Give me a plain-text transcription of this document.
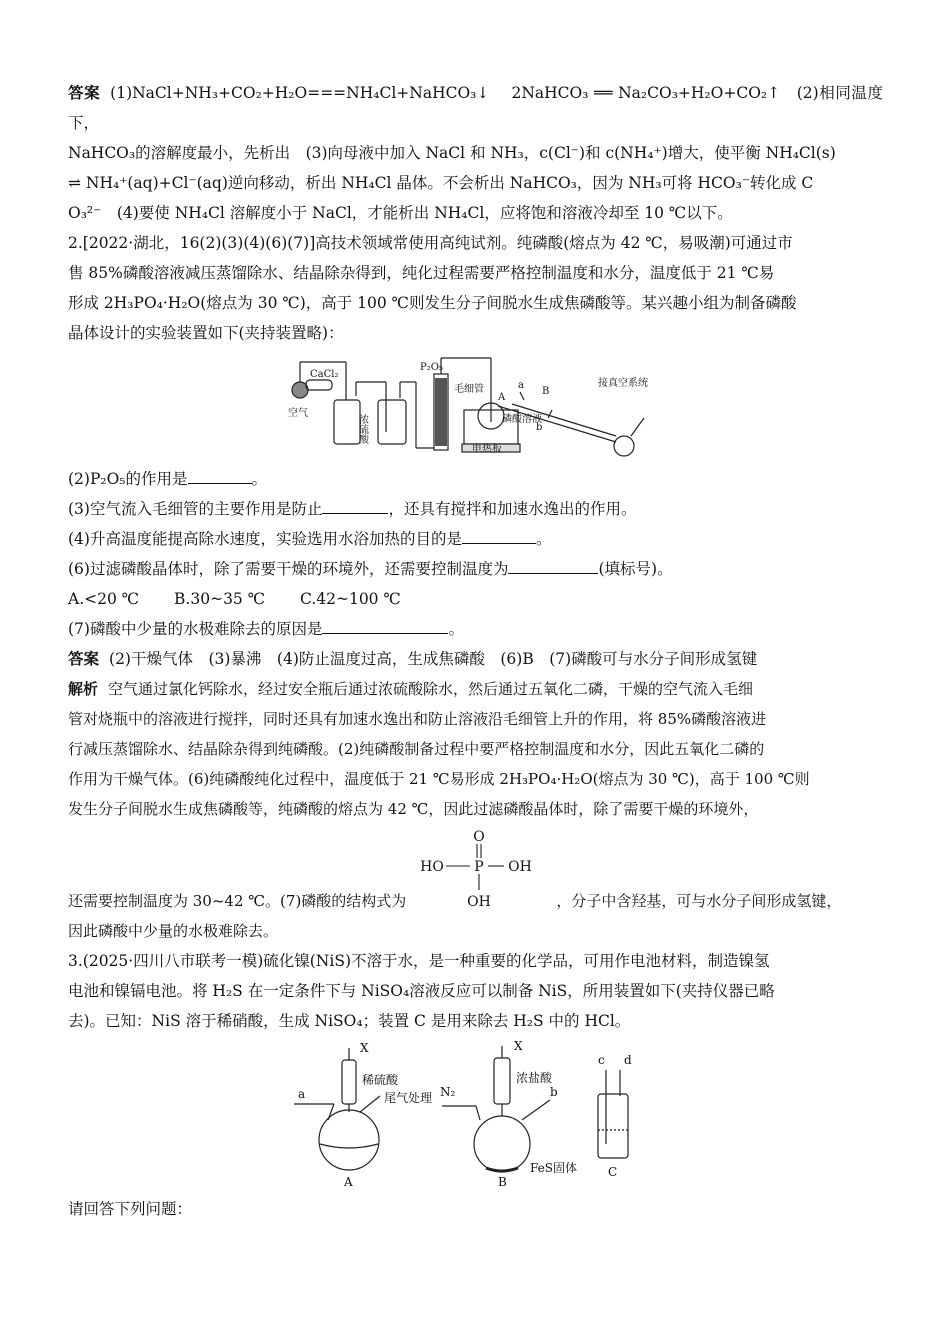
答案 (1)NaCl+NH₃+CO₂+H₂O===NH₄Cl+NaHCO₃↓　 2NaHCO₃ ══ Na₂CO₃+H₂O+CO₂↑　(2)相同温度下，

NaHCO₃的溶解度最小，先析出　(3)向母液中加入 NaCl 和 NH₃，c(Cl⁻)和 c(NH₄⁺)增大，使平衡 NH₄Cl(s)

⇌ NH₄⁺(aq)+Cl⁻(aq)逆向移动，析出 NH₄Cl 晶体。不会析出 NaHCO₃，因为 NH₃可将 HCO₃⁻转化成 C

O₃²⁻　(4)要使 NH₄Cl 溶解度小于 NaCl，才能析出 NH₄Cl，应将饱和溶液冷却至 10 ℃以下。

2.[2022·湖北，16(2)(3)(4)(6)(7)]高技术领域常使用高纯试剂。纯磷酸(熔点为 42 ℃，易吸潮)可通过市

售 85%磷酸溶液减压蒸馏除水、结晶除杂得到，纯化过程需要严格控制温度和水分，温度低于 21 ℃易

形成 2H₃PO₄·H₂O(熔点为 30 ℃)，高于 100 ℃则发生分子间脱水生成焦磷酸等。某兴趣小组为制备磷酸

晶体设计的实验装置如下(夹持装置略)：

CaCl₂
空气
浓硫酸
P₂O₅
毛细管
A
磷酸溶液
电热板
a
B
b
接真空系统

(2)P₂O₅的作用是	。

(3)空气流入毛细管的主要作用是防止	，还具有搅拌和加速水逸出的作用。

(4)升高温度能提高除水速度，实验选用水浴加热的目的是	。

(6)过滤磷酸晶体时，除了需要干燥的环境外，还需要控制温度为	(填标号)。

A.<20 ℃ B.30~35 ℃ C.42~100 ℃

(7)磷酸中少量的水极难除去的原因是	。

答案 (2)干燥气体　(3)暴沸　(4)防止温度过高，生成焦磷酸　(6)B　(7)磷酸可与水分子间形成氢键

解析 空气通过氯化钙除水，经过安全瓶后通过浓硫酸除水，然后通过五氧化二磷，干燥的空气流入毛细

管对烧瓶中的溶液进行搅拌，同时还具有加速水逸出和防止溶液沿毛细管上升的作用，将 85%磷酸溶液进

行减压蒸馏除水、结晶除杂得到纯磷酸。(2)纯磷酸制备过程中要严格控制温度和水分，因此五氧化二磷的

作用为干燥气体。(6)纯磷酸纯化过程中，温度低于 21 ℃易形成 2H₃PO₄·H₂O(熔点为 30 ℃)，高于 100 ℃则

发生分子间脱水生成焦磷酸等，纯磷酸的熔点为 42 ℃，因此过滤磷酸晶体时，除了需要干燥的环境外，

还需要控制温度为 30~42 ℃。(7)磷酸的结构式为
O
HO P OH
OH	，分子中含羟基，可与水分子间形成氢键，

因此磷酸中少量的水极难除去。

3.(2025·四川八市联考一模)硫化镍(NiS)不溶于水，是一种重要的化学品，可用作电池材料，制造镍氢

电池和镍镉电池。将 H₂S 在一定条件下与 NiSO₄溶液反应可以制备 NiS，所用装置如下(夹持仪器已略

去)。已知：NiS 溶于稀硝酸，生成 NiSO₄；装置 C 是用来除去 H₂S 中的 HCl。

X
稀硫酸
a	尾气处理
A
N₂
X
浓盐酸
b
FeS固体
B
c d
C

请回答下列问题：
